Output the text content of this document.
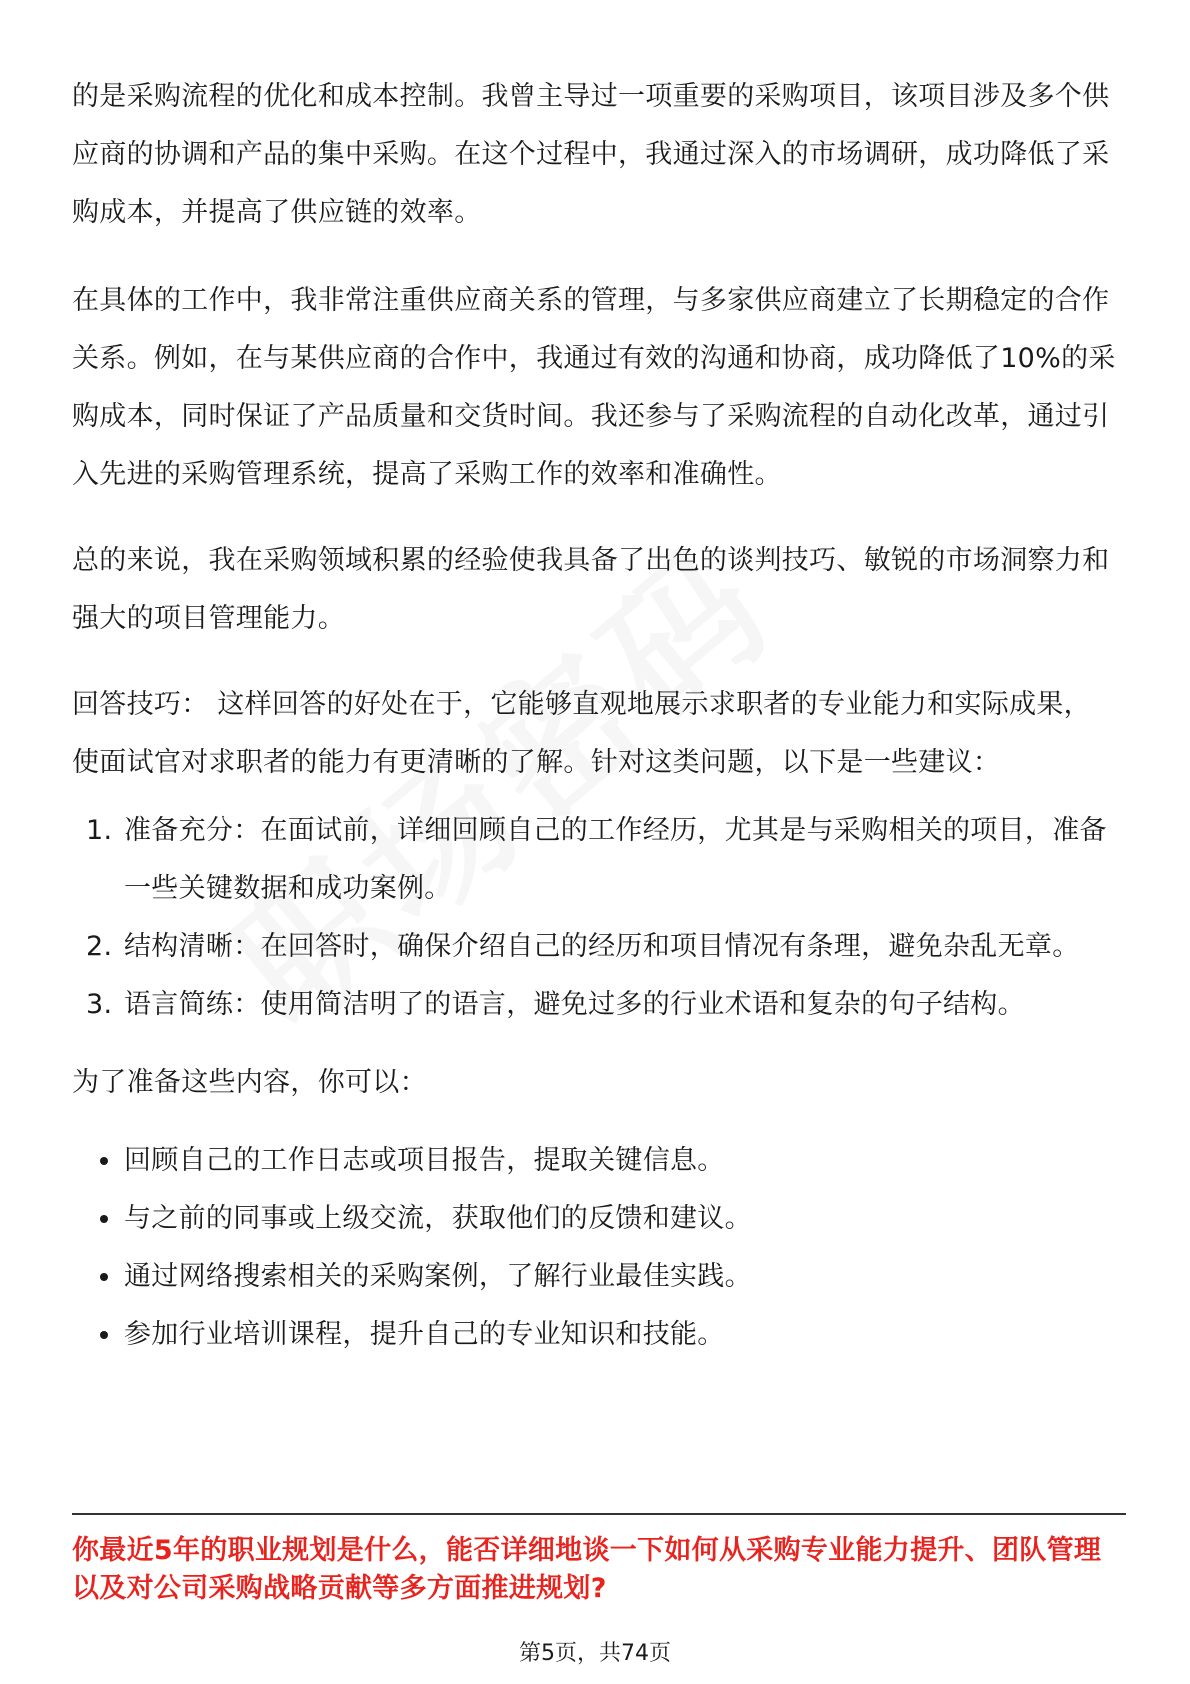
的是采购流程的优化和成本控制。我曾主导过一项重要的采购项目，该项目涉及多个供应商的协调和产品的集中采购。在这个过程中，我通过深入的市场调研，成功降低了采购成本，并提高了供应链的效率。

在具体的工作中，我非常注重供应商关系的管理，与多家供应商建立了长期稳定的合作关系。例如，在与某供应商的合作中，我通过有效的沟通和协商，成功降低了10%的采购成本，同时保证了产品质量和交货时间。我还参与了采购流程的自动化改革，通过引入先进的采购管理系统，提高了采购工作的效率和准确性。

总的来说，我在采购领域积累的经验使我具备了出色的谈判技巧、敏锐的市场洞察力和强大的项目管理能力。

回答技巧： 这样回答的好处在于，它能够直观地展示求职者的专业能力和实际成果，使面试官对求职者的能力有更清晰的了解。针对这类问题，以下是一些建议：

1. 准备充分：在面试前，详细回顾自己的工作经历，尤其是与采购相关的项目，准备一些关键数据和成功案例。
2. 结构清晰：在回答时，确保介绍自己的经历和项目情况有条理，避免杂乱无章。
3. 语言简练：使用简洁明了的语言，避免过多的行业术语和复杂的句子结构。

为了准备这些内容，你可以：

回顾自己的工作日志或项目报告，提取关键信息。
与之前的同事或上级交流，获取他们的反馈和建议。
通过网络搜索相关的采购案例，了解行业最佳实践。
参加行业培训课程，提升自己的专业知识和技能。

你最近5年的职业规划是什么，能否详细地谈一下如何从采购专业能力提升、团队管理以及对公司采购战略贡献等多方面推进规划?

第5页，共74页
